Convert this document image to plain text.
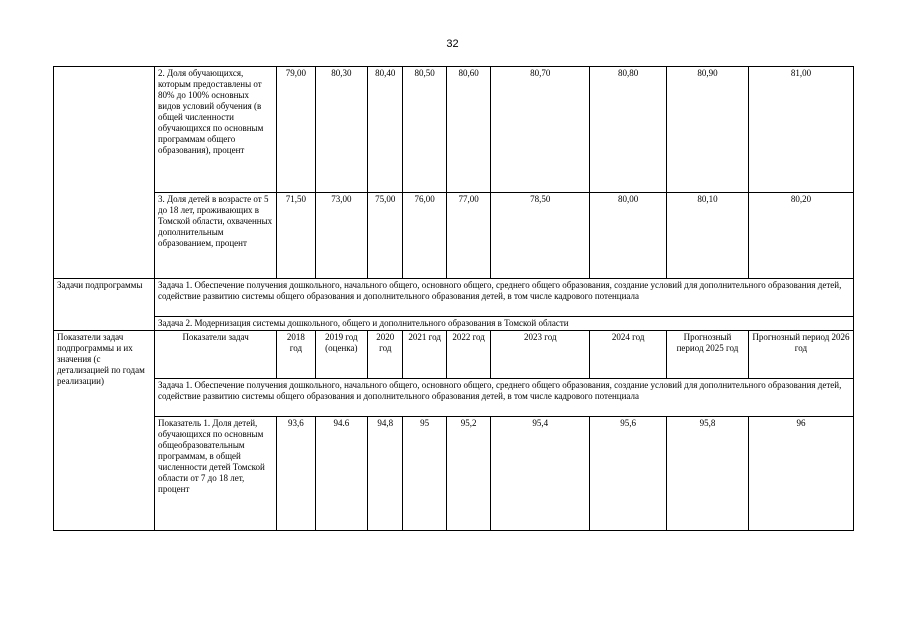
32
	2. Доля обучающихся, которым предоставлены от 80% до 100% основных видов условий обучения (в общей численности обучающихся по основным программам общего образования), процент	79,00	80,30	80,40	80,50	80,60	80,70	80,80	80,90	81,00
	3. Доля детей в возрасте от 5 до 18 лет, проживающих в Томской области, охваченных дополнительным образованием, процент	71,50	73,00	75,00	76,00	77,00	78,50	80,00	80,10	80,20
Задачи подпрограммы	Задача 1. Обеспечение получения дошкольного, начального общего, основного общего, среднего общего образования, создание условий для дополнительного образования детей, содействие развитию системы общего образования и дополнительного образования детей, в том числе кадрового потенциала									
	Задача 2. Модернизация системы дошкольного, общего и дополнительного образования в Томской области									
Показатели задач подпрограммы и их значения (с детализацией по годам реализации)	Показатели задач	2018 год	2019 год (оценка)	2020 год	2021 год	2022 год	2023 год	2024 год	Прогнозный период 2025 год	Прогнозный период 2026 год
	Задача 1. Обеспечение получения дошкольного, начального общего, основного общего, среднего общего образования, создание условий для дополнительного образования детей, содействие развитию системы общего образования и дополнительного образования детей, в том числе кадрового потенциала									
	Показатель 1. Доля детей, обучающихся по основным общеобразовательным программам, в общей численности детей Томской области от 7 до 18 лет, процент	93,6	94.6	94,8	95	95,2	95,4	95,6	95,8	96
